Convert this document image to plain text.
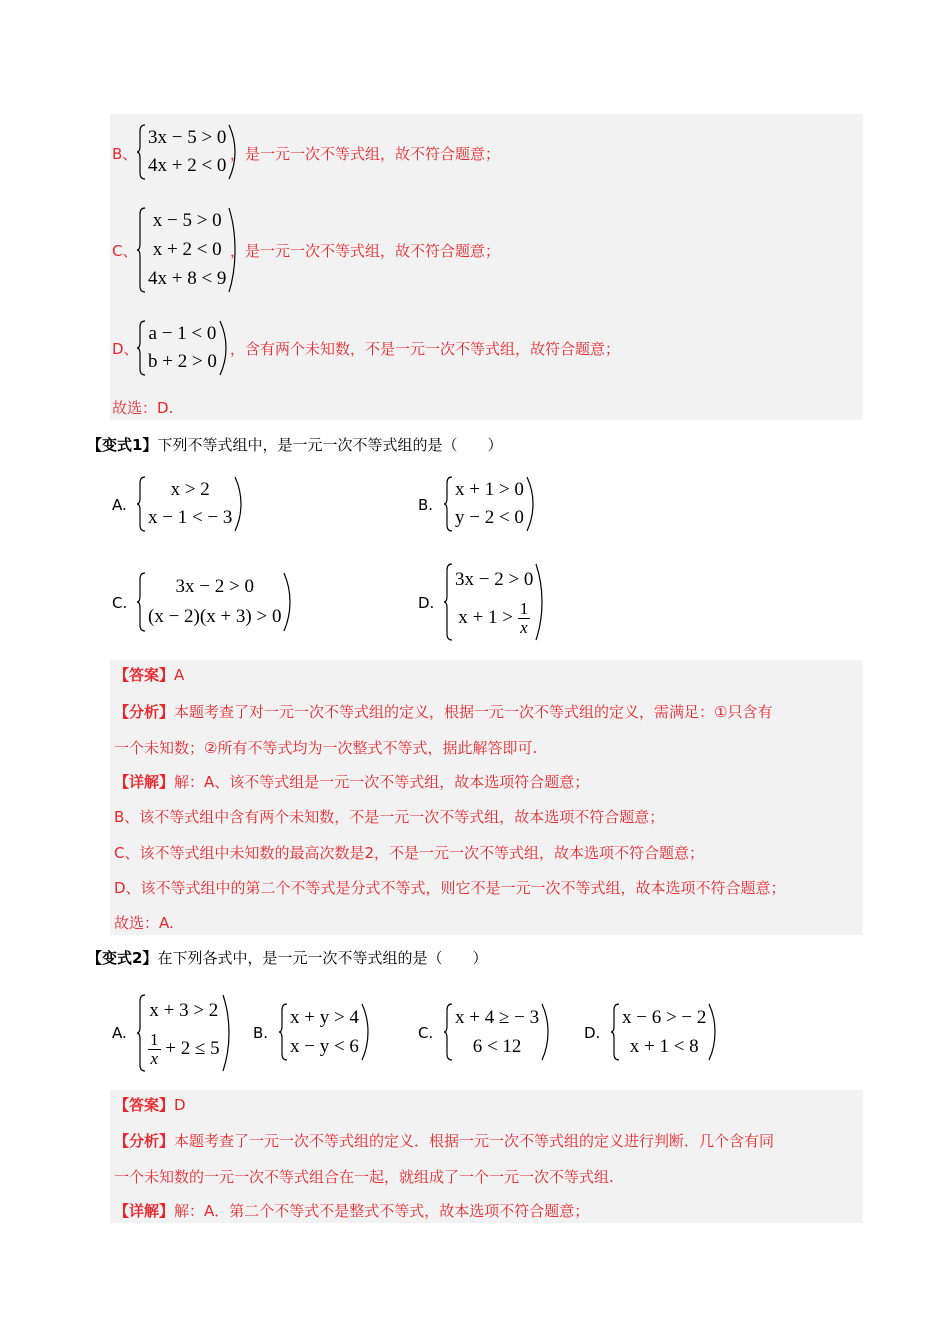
B、
3x − 5 > 0
4x + 2 < 0
，是一元一次不等式组，故不符合题意；
C、
x − 5 > 0
x + 2 < 0
4x + 8 < 9
，是一元一次不等式组，故不符合题意；
D、
a − 1 < 0
b + 2 > 0
，含有两个未知数，不是一元一次不等式组，故符合题意；
故选：D.
【变式1】下列不等式组中，是一元一次不等式组的是（　　）
A.
x > 2
x − 1 < − 3
B.
x + 1 > 0
y − 2 < 0
C.
3x − 2 > 0
(x − 2)(x + 3) > 0
D.
3x − 2 > 0
$x + 1 > \frac{1}{x}$
【答案】A
【分析】本题考查了对一元一次不等式组的定义，根据一元一次不等式组的定义，需满足：①只含有
一个未知数；②所有不等式均为一次整式不等式，据此解答即可.
【详解】解：A、该不等式组是一元一次不等式组，故本选项符合题意；
B、该不等式组中含有两个未知数，不是一元一次不等式组，故本选项不符合题意；
C、该不等式组中未知数的最高次数是2，不是一元一次不等式组，故本选项不符合题意；
D、该不等式组中的第二个不等式是分式不等式，则它不是一元一次不等式组，故本选项不符合题意；
故选：A.
【变式2】在下列各式中，是一元一次不等式组的是（　　）
A.
x + 3 > 2
$\frac{1}{x} + 2 \le 5$
B.
x + y > 4
x − y < 6
C.
x + 4 ≥ − 3
6 < 12
D.
x − 6 > − 2
x + 1 < 8
【答案】D
【分析】本题考查了一元一次不等式组的定义．根据一元一次不等式组的定义进行判断．几个含有同
一个未知数的一元一次不等式组合在一起，就组成了一个一元一次不等式组.
【详解】解：A．第二个不等式不是整式不等式，故本选项不符合题意；
